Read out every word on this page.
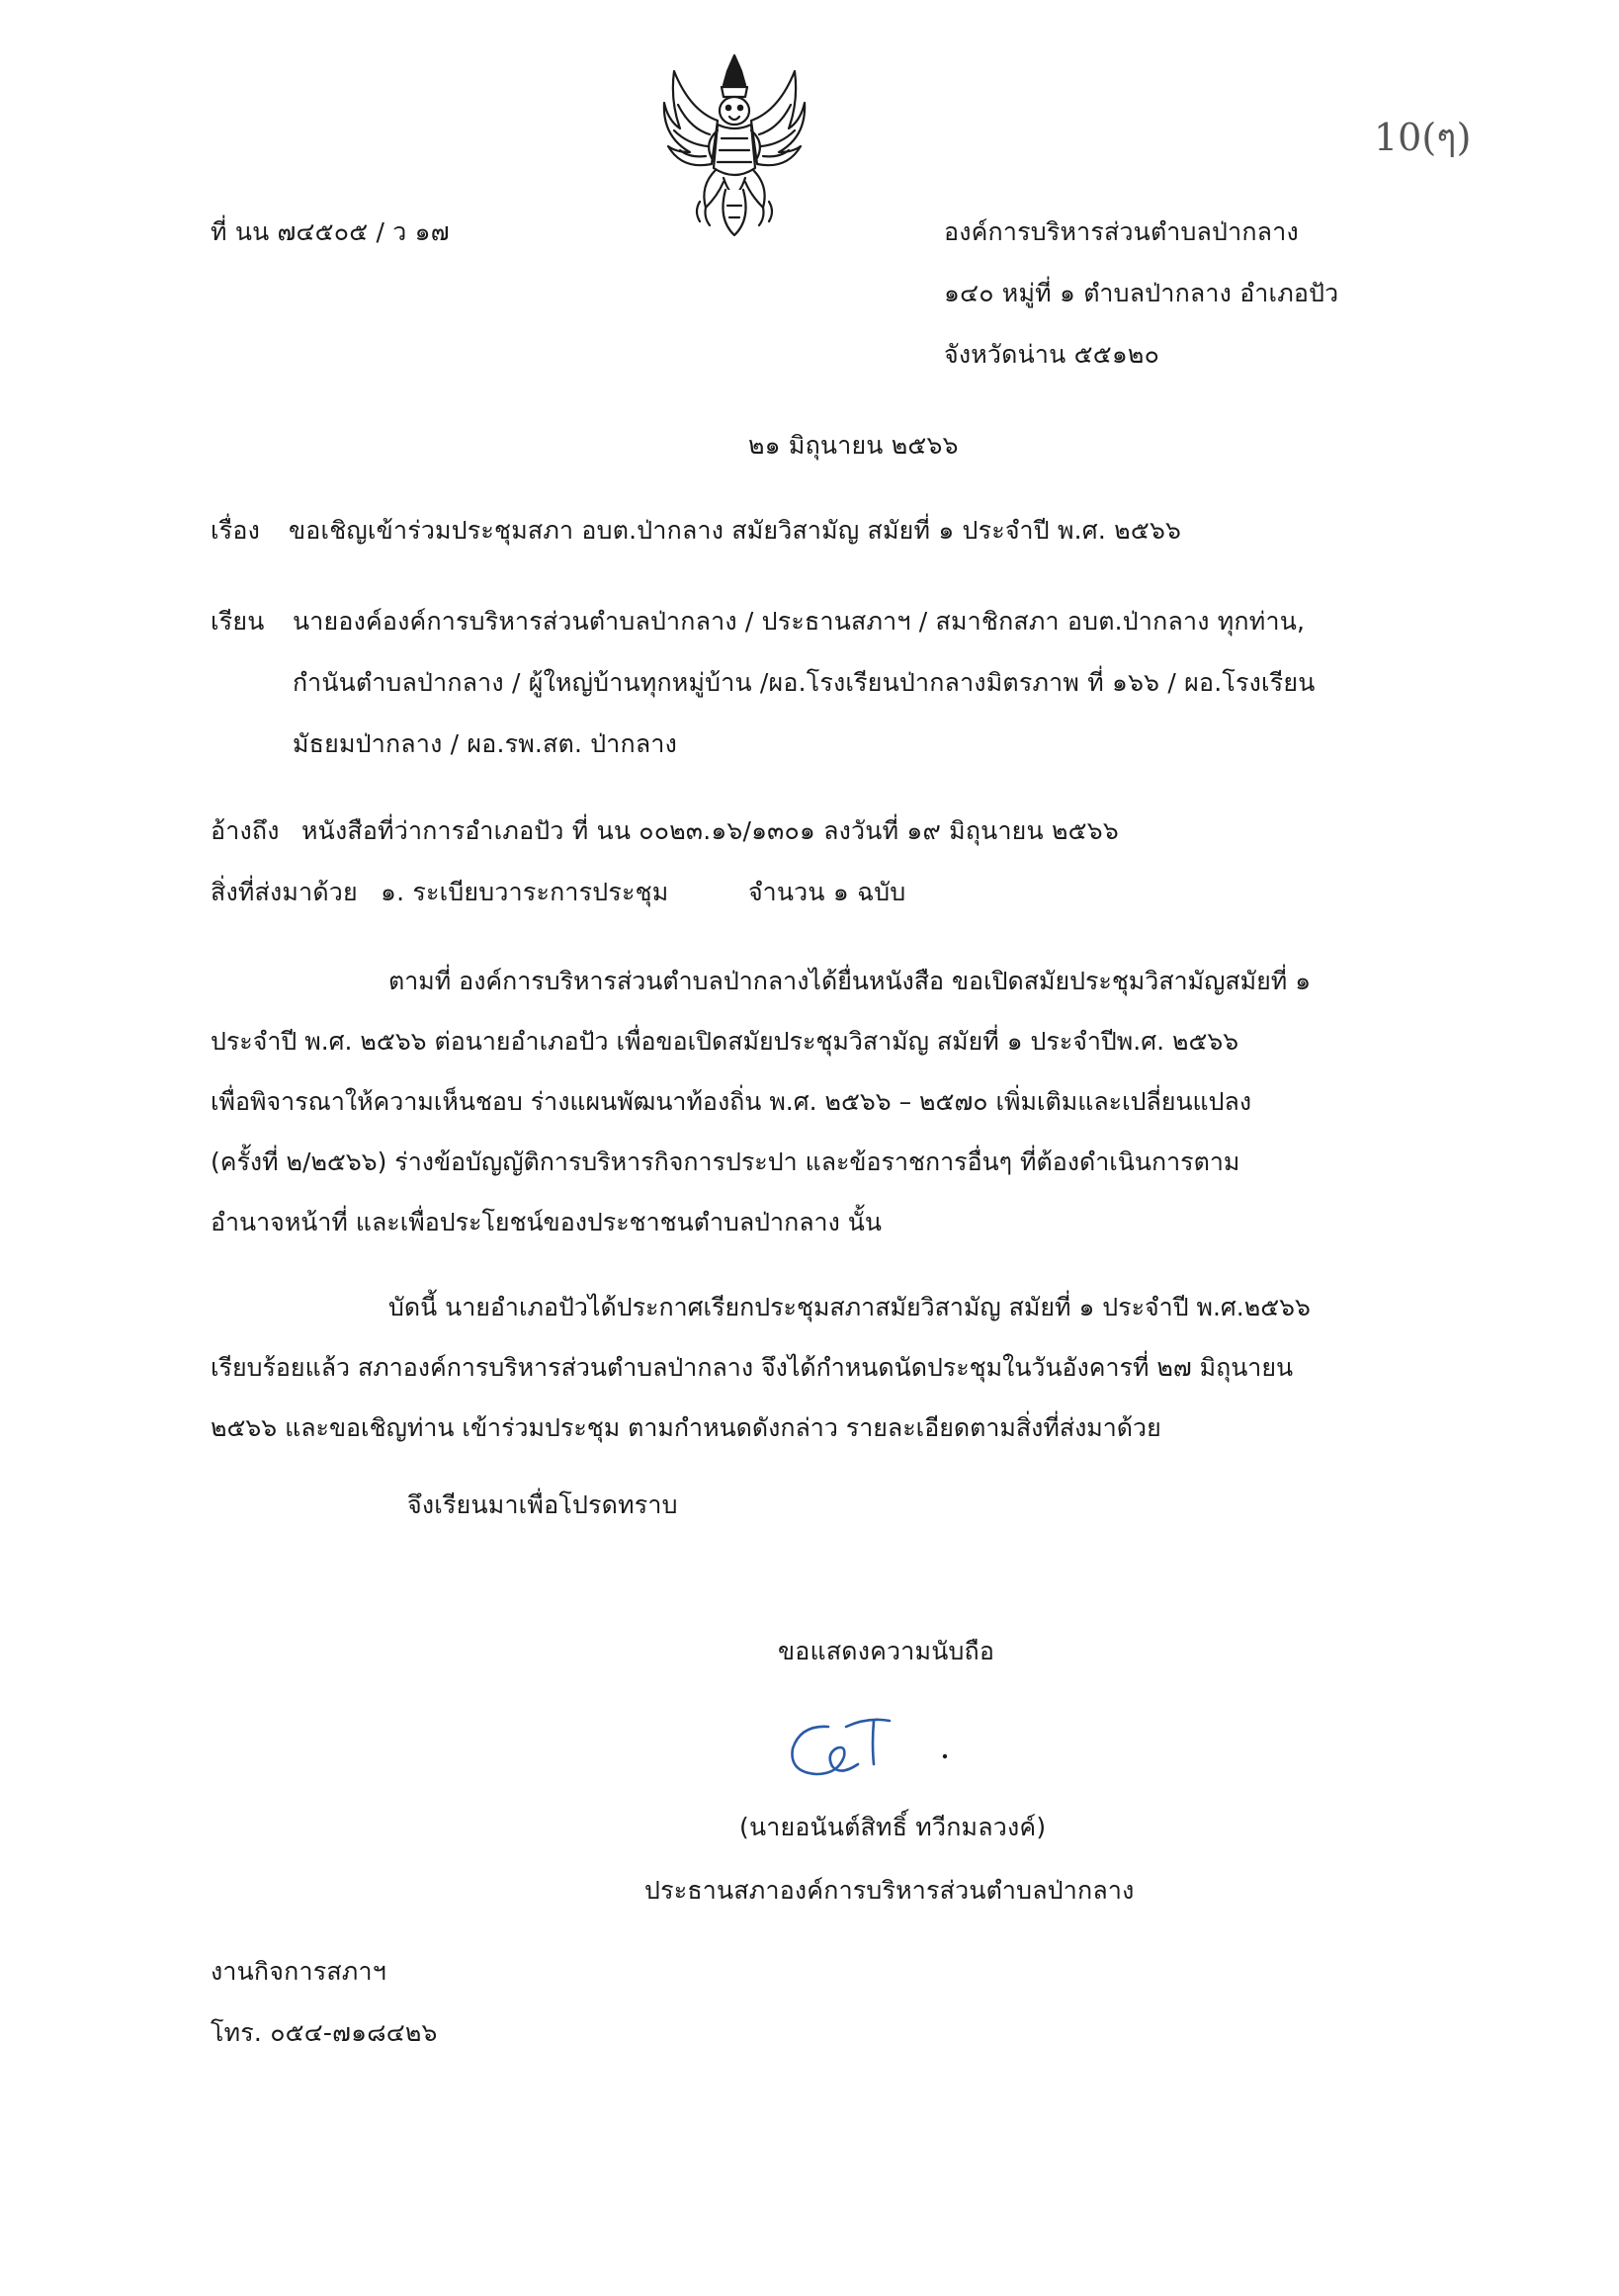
10(ๆ)
ที่ นน ๗๔๕๐๕ / ว ๑๗	องค์การบริหารส่วนตำบลป่ากลาง
๑๔๐ หมู่ที่ ๑ ตำบลป่ากลาง อำเภอปัว
จังหวัดน่าน ๕๕๑๒๐
๒๑ มิถุนายน ๒๕๖๖
เรื่อง ขอเชิญเข้าร่วมประชุมสภา อบต.ป่ากลาง สมัยวิสามัญ สมัยที่ ๑ ประจำปี พ.ศ. ๒๕๖๖
เรียน นายองค์องค์การบริหารส่วนตำบลป่ากลาง / ประธานสภาฯ / สมาชิกสภา อบต.ป่ากลาง ทุกท่าน,
กำนันตำบลป่ากลาง / ผู้ใหญ่บ้านทุกหมู่บ้าน /ผอ.โรงเรียนป่ากลางมิตรภาพ ที่ ๑๖๖ / ผอ.โรงเรียน
มัธยมป่ากลาง / ผอ.รพ.สต. ป่ากลาง
อ้างถึง หนังสือที่ว่าการอำเภอปัว ที่ นน ๐๐๒๓.๑๖/๑๓๐๑ ลงวันที่ ๑๙ มิถุนายน ๒๕๖๖
สิ่งที่ส่งมาด้วย ๑. ระเบียบวาระการประชุม	จำนวน ๑ ฉบับ
ตามที่ องค์การบริหารส่วนตำบลป่ากลางได้ยื่นหนังสือ ขอเปิดสมัยประชุมวิสามัญสมัยที่ ๑
ประจำปี พ.ศ. ๒๕๖๖ ต่อนายอำเภอปัว เพื่อขอเปิดสมัยประชุมวิสามัญ สมัยที่ ๑ ประจำปีพ.ศ. ๒๕๖๖
เพื่อพิจารณาให้ความเห็นชอบ ร่างแผนพัฒนาท้องถิ่น พ.ศ. ๒๕๖๖ – ๒๕๗๐ เพิ่มเติมและเปลี่ยนแปลง
(ครั้งที่ ๒/๒๕๖๖) ร่างข้อบัญญัติการบริหารกิจการประปา และข้อราชการอื่นๆ ที่ต้องดำเนินการตาม
อำนาจหน้าที่ และเพื่อประโยชน์ของประชาชนตำบลป่ากลาง นั้น
บัดนี้ นายอำเภอปัวได้ประกาศเรียกประชุมสภาสมัยวิสามัญ สมัยที่ ๑ ประจำปี พ.ศ.๒๕๖๖
เรียบร้อยแล้ว สภาองค์การบริหารส่วนตำบลป่ากลาง จึงได้กำหนดนัดประชุมในวันอังคารที่ ๒๗ มิถุนายน
๒๕๖๖ และขอเชิญท่าน เข้าร่วมประชุม ตามกำหนดดังกล่าว รายละเอียดตามสิ่งที่ส่งมาด้วย
จึงเรียนมาเพื่อโปรดทราบ
ขอแสดงความนับถือ
(นายอนันต์สิทธิ์ ทวีกมลวงค์)
ประธานสภาองค์การบริหารส่วนตำบลป่ากลาง
งานกิจการสภาฯ
โทร. ๐๕๔-๗๑๘๔๒๖
